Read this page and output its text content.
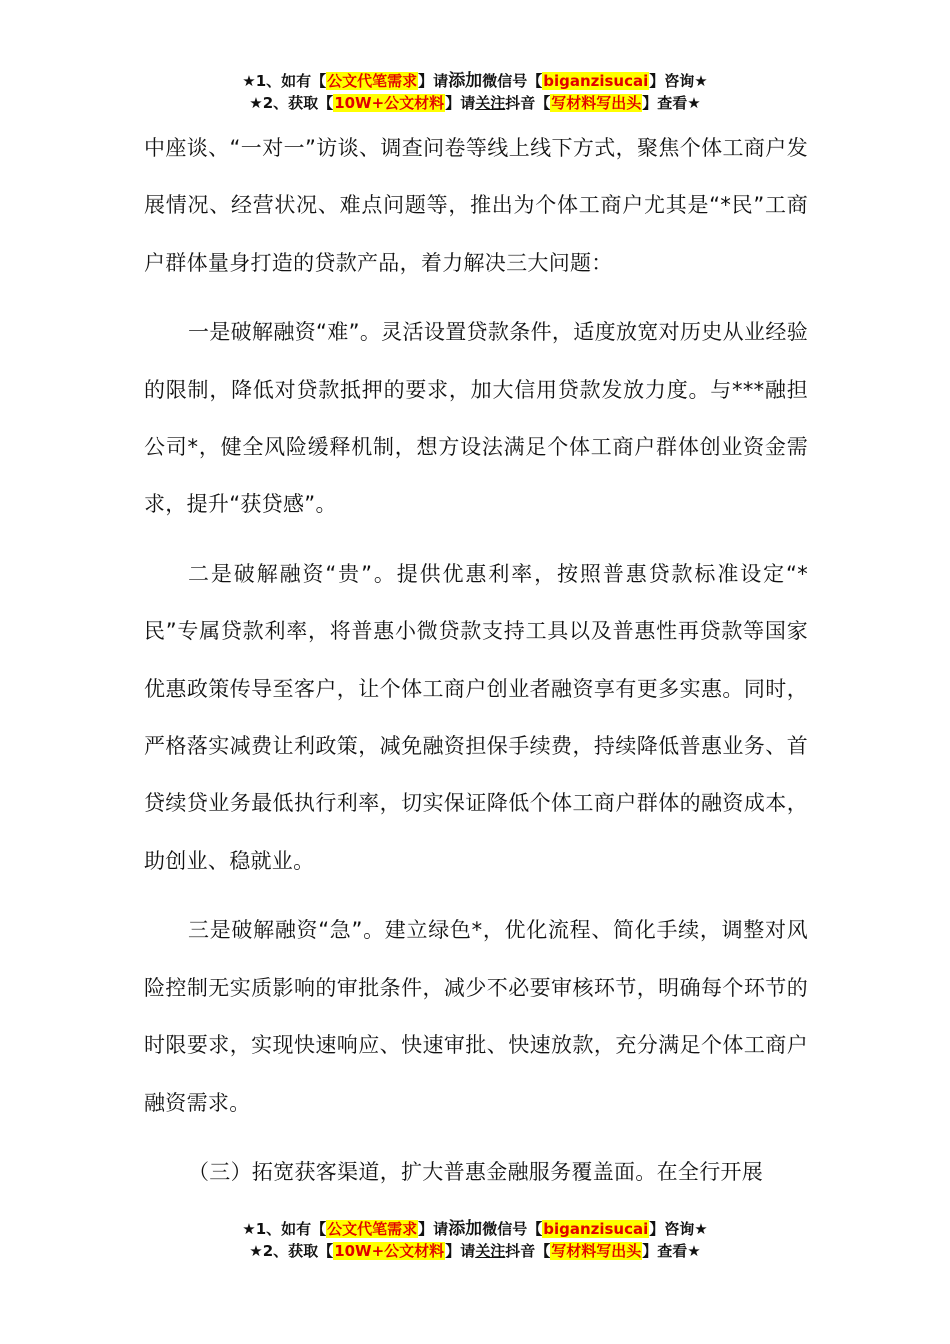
★1、如有【公文代笔需求】请添加微信号【biganzisucai】咨询★
★2、获取【10W+公文材料】请关注抖音【写材料写出头】查看★

中座谈、“一对一”访谈、调查问卷等线上线下方式，聚焦个体工商户发展情况、经营状况、难点问题等，推出为个体工商户尤其是“*民”工商户群体量身打造的贷款产品，着力解决三大问题：

一是破解融资“难”。灵活设置贷款条件，适度放宽对历史从业经验的限制，降低对贷款抵押的要求，加大信用贷款发放力度。与***融担公司*，健全风险缓释机制，想方设法满足个体工商户群体创业资金需求，提升“获贷感”。

二是破解融资“贵”。提供优惠利率，按照普惠贷款标准设定“*民”专属贷款利率，将普惠小微贷款支持工具以及普惠性再贷款等国家优惠政策传导至客户，让个体工商户创业者融资享有更多实惠。同时，严格落实减费让利政策，减免融资担保手续费，持续降低普惠业务、首贷续贷业务最低执行利率，切实保证降低个体工商户群体的融资成本，助创业、稳就业。

三是破解融资“急”。建立绿色*，优化流程、简化手续，调整对风险控制无实质影响的审批条件，减少不必要审核环节，明确每个环节的时限要求，实现快速响应、快速审批、快速放款，充分满足个体工商户融资需求。

（三）拓宽获客渠道，扩大普惠金融服务覆盖面。在全行开展

★1、如有【公文代笔需求】请添加微信号【biganzisucai】咨询★
★2、获取【10W+公文材料】请关注抖音【写材料写出头】查看★
